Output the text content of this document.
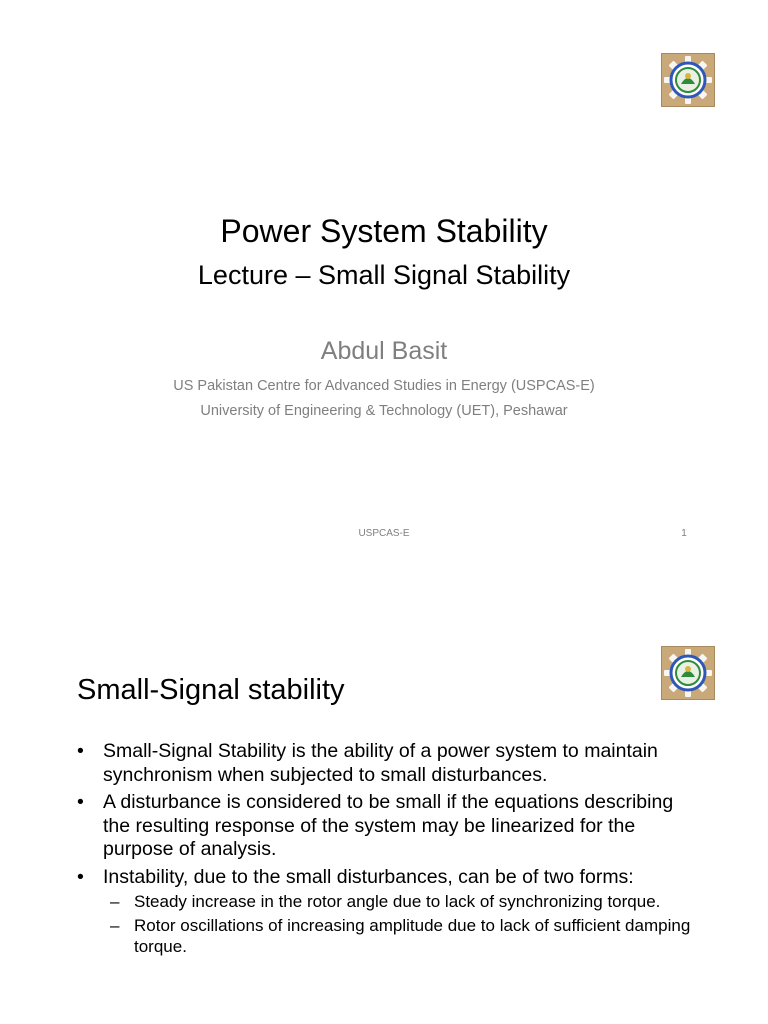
Power System Stability
Lecture – Small Signal Stability
Abdul Basit
US Pakistan Centre for Advanced Studies in Energy (USPCAS-E)
University of Engineering & Technology (UET), Peshawar
USPCAS-E	1
Small-Signal stability
• Small-Signal Stability is the ability of a power system to maintain synchronism when subjected to small disturbances.
• A disturbance is considered to be small if the equations describing the resulting response of the system may be linearized for the purpose of analysis.
• Instability, due to the small disturbances, can be of two forms:
– Steady increase in the rotor angle due to lack of synchronizing torque.
– Rotor oscillations of increasing amplitude due to lack of sufficient damping torque.
